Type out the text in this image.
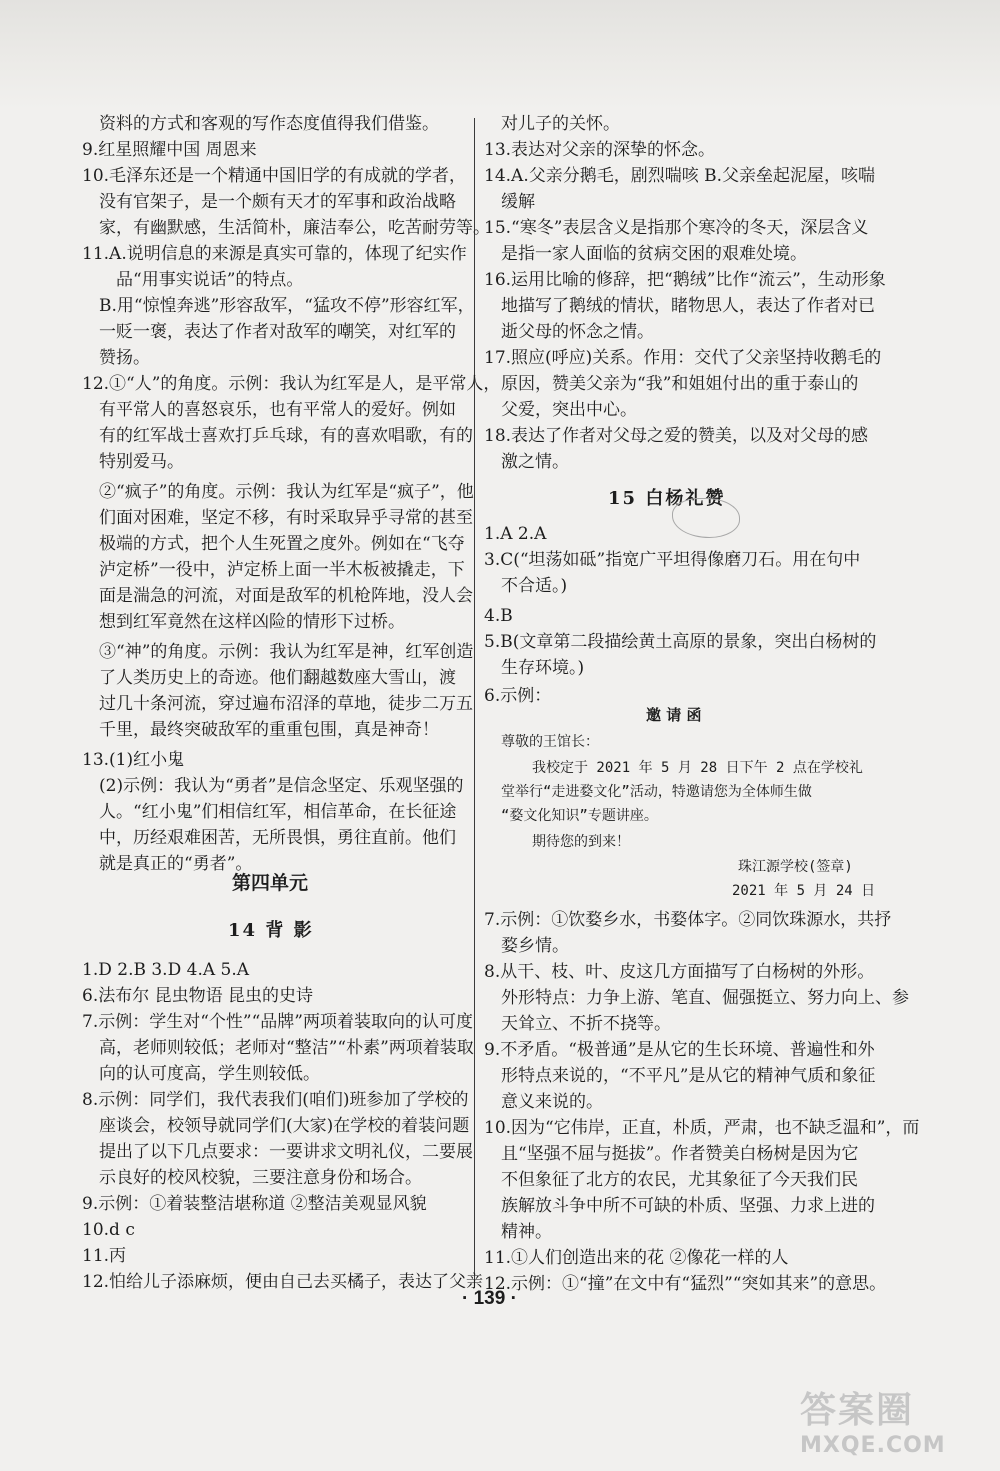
资料的方式和客观的写作态度值得我们借鉴。
9.红星照耀中国 周恩来
10.毛泽东还是一个精通中国旧学的有成就的学者，
没有官架子，是一个颇有天才的军事和政治战略
家，有幽默感，生活简朴，廉洁奉公，吃苦耐劳等。
11.A.说明信息的来源是真实可靠的，体现了纪实作
品“用事实说话”的特点。
B.用“惊惶奔逃”形容敌军，“猛攻不停”形容红军，
一贬一褒，表达了作者对敌军的嘲笑，对红军的
赞扬。
12.①“人”的角度。示例：我认为红军是人，是平常人，
有平常人的喜怒哀乐，也有平常人的爱好。例如
有的红军战士喜欢打乒乓球，有的喜欢唱歌，有的
特别爱马。
②“疯子”的角度。示例：我认为红军是“疯子”，他
们面对困难，坚定不移，有时采取异乎寻常的甚至
极端的方式，把个人生死置之度外。例如在“飞夺
泸定桥”一役中，泸定桥上面一半木板被撬走，下
面是湍急的河流，对面是敌军的机枪阵地，没人会
想到红军竟然在这样凶险的情形下过桥。
③“神”的角度。示例：我认为红军是神，红军创造
了人类历史上的奇迹。他们翻越数座大雪山，渡
过几十条河流，穿过遍布沼泽的草地，徒步二万五
千里，最终突破敌军的重重包围，真是神奇！
13.(1)红小鬼
(2)示例：我认为“勇者”是信念坚定、乐观坚强的
人。“红小鬼”们相信红军，相信革命，在长征途
中，历经艰难困苦，无所畏惧，勇往直前。他们
就是真正的“勇者”。
第四单元
14 背 影
1.D 2.B 3.D 4.A 5.A
6.法布尔 昆虫物语 昆虫的史诗
7.示例：学生对“个性”“品牌”两项着装取向的认可度
高，老师则较低；老师对“整洁”“朴素”两项着装取
向的认可度高，学生则较低。
8.示例：同学们，我代表我们(咱们)班参加了学校的
座谈会，校领导就同学们(大家)在学校的着装问题
提出了以下几点要求：一要讲求文明礼仪，二要展
示良好的校风校貌，三要注意身份和场合。
9.示例：①着装整洁堪称道 ②整洁美观显风貌
10.d c
11.丙
12.怕给儿子添麻烦，便由自己去买橘子，表达了父亲
对儿子的关怀。
13.表达对父亲的深挚的怀念。
14.A.父亲分鹅毛，剧烈喘咳 B.父亲垒起泥屋，咳喘
缓解
15.“寒冬”表层含义是指那个寒冷的冬天，深层含义
是指一家人面临的贫病交困的艰难处境。
16.运用比喻的修辞，把“鹅绒”比作“流云”，生动形象
地描写了鹅绒的情状，睹物思人，表达了作者对已
逝父母的怀念之情。
17.照应(呼应)关系。作用：交代了父亲坚持收鹅毛的
原因，赞美父亲为“我”和姐姐付出的重于泰山的
父爱，突出中心。
18.表达了作者对父母之爱的赞美，以及对父母的感
激之情。
15 白杨礼赞
1.A 2.A
3.C(“坦荡如砥”指宽广平坦得像磨刀石。用在句中
不合适。)
4.B
5.B(文章第二段描绘黄土高原的景象，突出白杨树的
生存环境。)
6.示例：
邀 请 函
尊敬的王馆长：
我校定于 2021 年 5 月 28 日下午 2 点在学校礼
堂举行“走进婺文化”活动，特邀请您为全体师生做
“婺文化知识”专题讲座。
期待您的到来！
珠江源学校(签章)
2021 年 5 月 24 日
7.示例：①饮婺乡水，书婺体字。②同饮珠源水，共抒
婺乡情。
8.从干、枝、叶、皮这几方面描写了白杨树的外形。
外形特点：力争上游、笔直、倔强挺立、努力向上、参
天耸立、不折不挠等。
9.不矛盾。“极普通”是从它的生长环境、普遍性和外
形特点来说的，“不平凡”是从它的精神气质和象征
意义来说的。
10.因为“它伟岸，正直，朴质，严肃，也不缺乏温和”，而
且“坚强不屈与挺拔”。作者赞美白杨树是因为它
不但象征了北方的农民，尤其象征了今天我们民
族解放斗争中所不可缺的朴质、坚强、力求上进的
精神。
11.①人们创造出来的花 ②像花一样的人
12.示例：①“撞”在文中有“猛烈”“突如其来”的意思。
· 139 ·
答案圈
MXQE.COM
